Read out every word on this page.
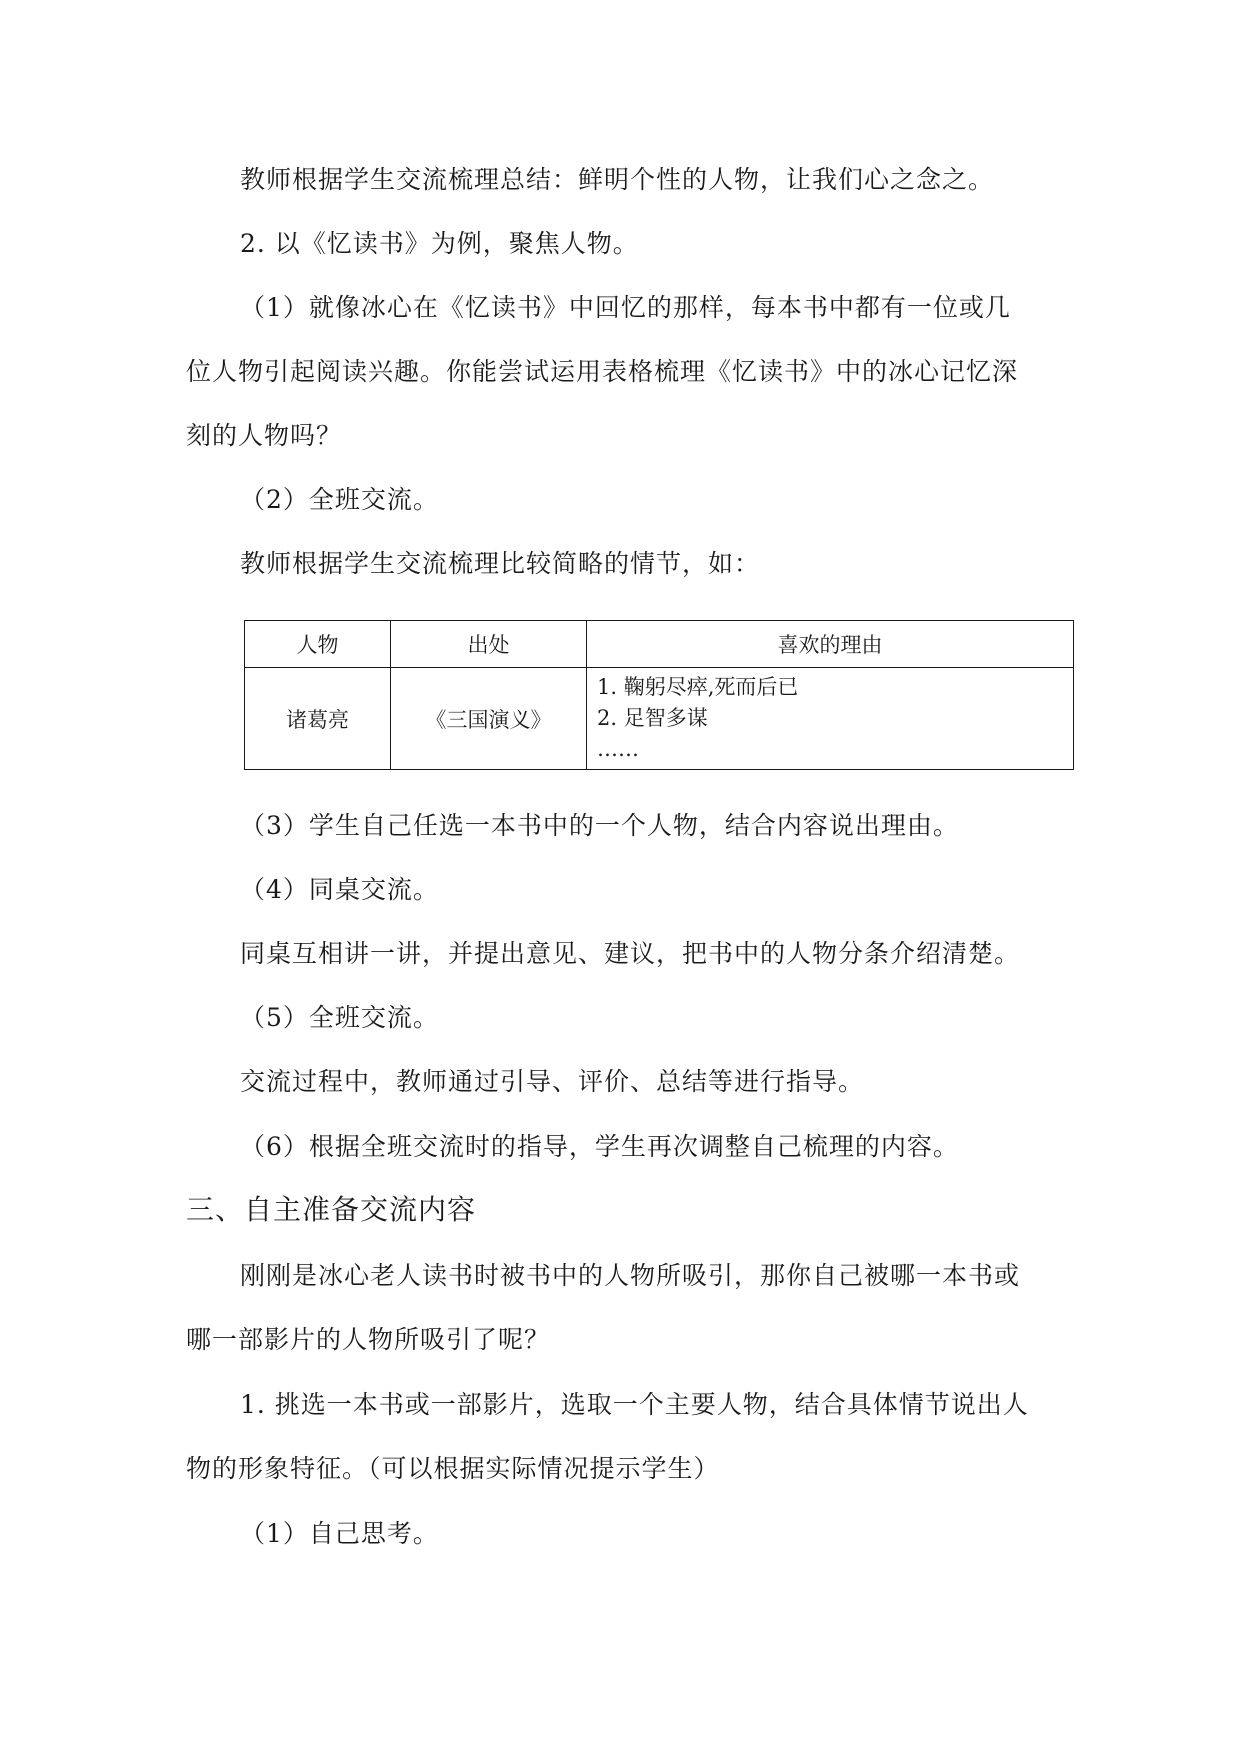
教师根据学生交流梳理总结：鲜明个性的人物，让我们心之念之。
2. 以《忆读书》为例，聚焦人物。
（1）就像冰心在《忆读书》中回忆的那样，每本书中都有一位或几
位人物引起阅读兴趣。你能尝试运用表格梳理《忆读书》中的冰心记忆深
刻的人物吗？
（2）全班交流。
教师根据学生交流梳理比较简略的情节，如：
人物	出处	喜欢的理由
诸葛亮	《三国演义》	1. 鞠躬尽瘁,死而后已
2. 足智多谋
……
（3）学生自己任选一本书中的一个人物，结合内容说出理由。
（4）同桌交流。
同桌互相讲一讲，并提出意见、建议，把书中的人物分条介绍清楚。
（5）全班交流。
交流过程中，教师通过引导、评价、总结等进行指导。
（6）根据全班交流时的指导，学生再次调整自己梳理的内容。
三、自主准备交流内容
刚刚是冰心老人读书时被书中的人物所吸引，那你自己被哪一本书或
哪一部影片的人物所吸引了呢？
1. 挑选一本书或一部影片，选取一个主要人物，结合具体情节说出人
物的形象特征。（可以根据实际情况提示学生）
（1）自己思考。
